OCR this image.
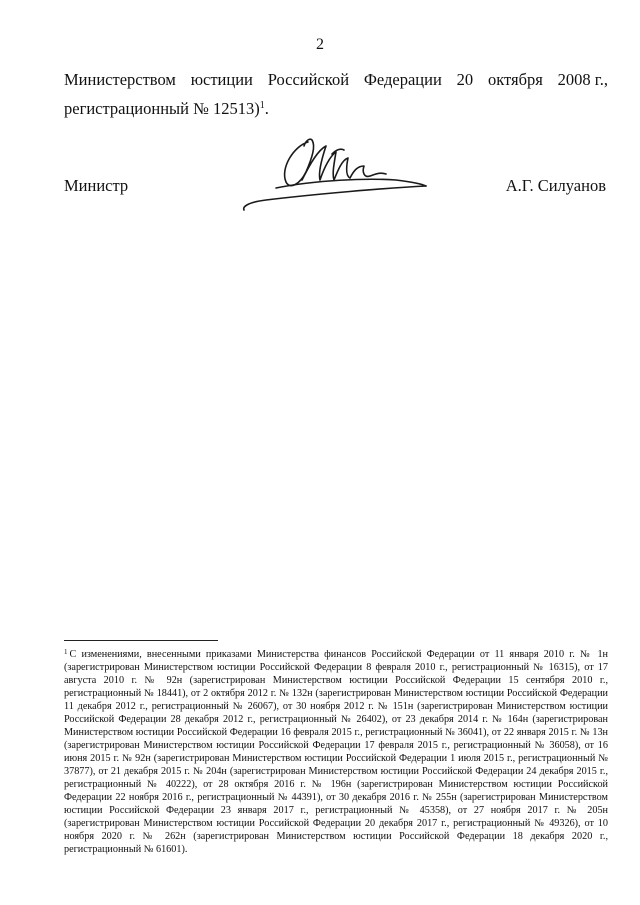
2
Министерством юстиции Российской Федерации 20 октября 2008 г.,
регистрационный № 12513)$^1$.
Министр	А.Г. Силуанов
$^1$ С изменениями, внесенными приказами Министерства финансов Российской Федерации от 11 января 2010 г. № 1н (зарегистрирован Министерством юстиции Российской Федерации 8 февраля 2010 г., регистрационный № 16315), от 17 августа 2010 г. № 92н (зарегистрирован Министерством юстиции Российской Федерации 15 сентября 2010 г., регистрационный № 18441), от 2 октября 2012 г. № 132н (зарегистрирован Министерством юстиции Российской Федерации 11 декабря 2012 г., регистрационный № 26067), от 30 ноября 2012 г. № 151н (зарегистрирован Министерством юстиции Российской Федерации 28 декабря 2012 г., регистрационный № 26402), от 23 декабря 2014 г. № 164н (зарегистрирован Министерством юстиции Российской Федерации 16 февраля 2015 г., регистрационный № 36041), от 22 января 2015 г. № 13н (зарегистрирован Министерством юстиции Российской Федерации 17 февраля 2015 г., регистрационный № 36058), от 16 июня 2015 г. № 92н (зарегистрирован Министерством юстиции Российской Федерации 1 июля 2015 г., регистрационный № 37877), от 21 декабря 2015 г. № 204н (зарегистрирован Министерством юстиции Российской Федерации 24 декабря 2015 г., регистрационный № 40222), от 28 октября 2016 г. № 196н (зарегистрирован Министерством юстиции Российской Федерации 22 ноября 2016 г., регистрационный № 44391), от 30 декабря 2016 г. № 255н (зарегистрирован Министерством юстиции Российской Федерации 23 января 2017 г., регистрационный № 45358), от 27 ноября 2017 г. № 205н (зарегистрирован Министерством юстиции Российской Федерации 20 декабря 2017 г., регистрационный № 49326), от 10 ноября 2020 г. № 262н (зарегистрирован Министерством юстиции Российской Федерации 18 декабря 2020 г., регистрационный № 61601).
